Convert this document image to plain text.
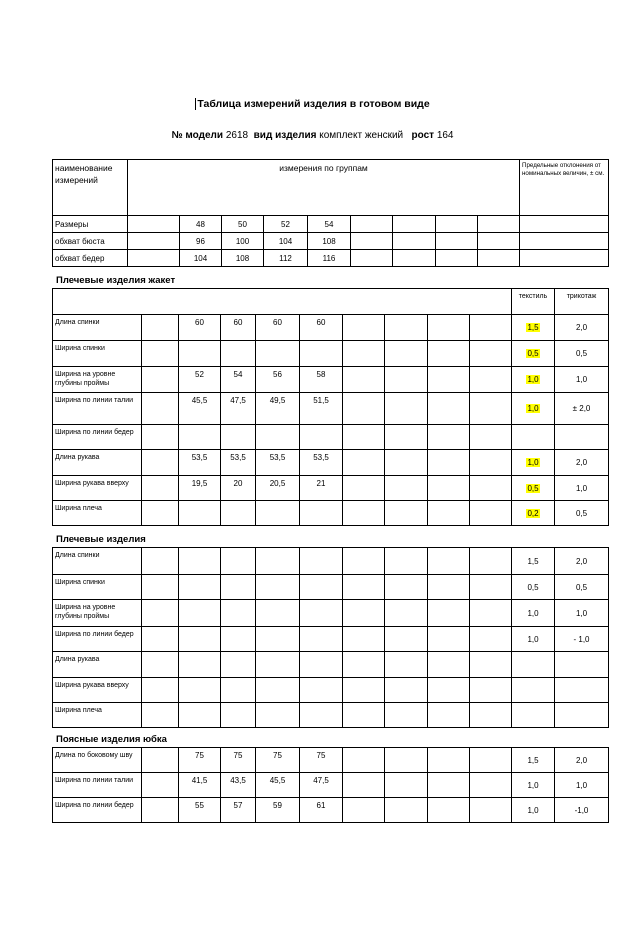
Таблица измерений изделия в готовом виде
№ модели 2618 вид изделия комплект женский рост 164
наименование измерений	измерения по группам									Предельные отклонения от номинальных величин, ± см.
Размеры		48	50	52	54					
обхват бюста		96	100	104	108					
обхват бедер		104	108	112	116					
Плечевые изделия жакет
										текстиль	трикотаж
Длина спинки		60	60	60	60					1,5	2,0
Ширина спинки										0,5	0,5
Ширина на уровне глубины проймы		52	54	56	58					1,0	1,0
Ширина по линии талии		45,5	47,5	49,5	51,5					1,0	± 2,0
Ширина по линии бедер											
Длина рукава		53,5	53,5	53,5	53,5					1,0	2,0
Ширина рукава вверху		19,5	20	20,5	21					0,5	1,0
Ширина плеча										0,2	0,5
Плечевые изделия
Длина спинки										1,5	2,0
Ширина спинки										0,5	0,5
Ширина на уровне глубины проймы										1,0	1,0
Ширина по линии бедер										1,0	- 1,0
Длина рукава											
Ширина рукава вверху											
Ширина плеча											
Поясные изделия юбка
Длина по боковому шву		75	75	75	75					1,5	2,0
Ширина по линии талии		41,5	43,5	45,5	47,5					1,0	1,0
Ширина по линии бедер		55	57	59	61					1,0	-1,0
